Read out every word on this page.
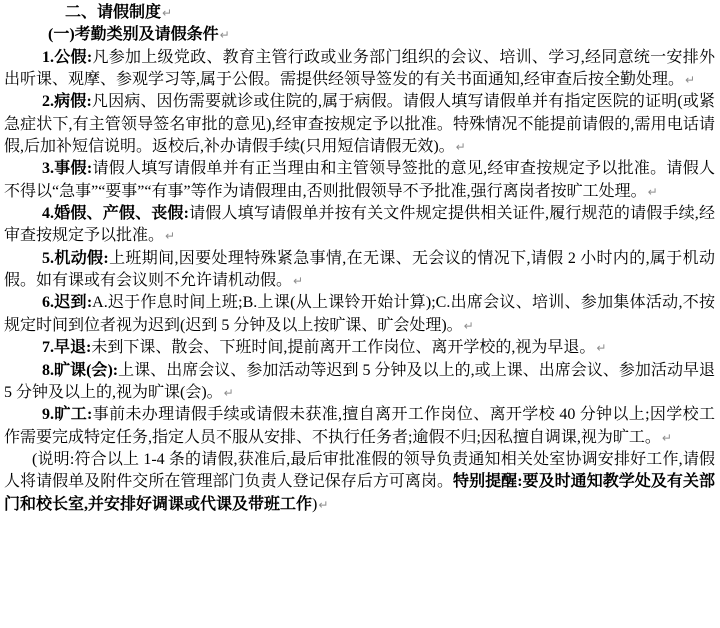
二、请假制度↵

(一)考勤类别及请假条件↵

1.公假:凡参加上级党政、教育主管行政或业务部门组织的会议、培训、学习,经同意统一安排外出听课、观摩、参观学习等,属于公假。需提供经领导签发的有关书面通知,经审查后按全勤处理。↵

2.病假:凡因病、因伤需要就诊或住院的,属于病假。请假人填写请假单并有指定医院的证明(或紧急症状下,有主管领导签名审批的意见),经审查按规定予以批准。特殊情况不能提前请假的,需用电话请假,后加补短信说明。返校后,补办请假手续(只用短信请假无效)。↵

3.事假:请假人填写请假单并有正当理由和主管领导签批的意见,经审查按规定予以批准。请假人不得以“急事”“要事”“有事”等作为请假理由,否则批假领导不予批准,强行离岗者按旷工处理。↵

4.婚假、产假、丧假:请假人填写请假单并按有关文件规定提供相关证件,履行规范的请假手续,经审查按规定予以批准。↵

5.机动假:上班期间,因要处理特殊紧急事情,在无课、无会议的情况下,请假 2 小时内的,属于机动假。如有课或有会议则不允许请机动假。↵

6.迟到:A.迟于作息时间上班;B.上课(从上课铃开始计算);C.出席会议、培训、参加集体活动,不按规定时间到位者视为迟到(迟到 5 分钟及以上按旷课、旷会处理)。↵

7.早退:未到下课、散会、下班时间,提前离开工作岗位、离开学校的,视为早退。↵

8.旷课(会):上课、出席会议、参加活动等迟到 5 分钟及以上的,或上课、出席会议、参加活动早退 5 分钟及以上的,视为旷课(会)。↵

9.旷工:事前未办理请假手续或请假未获准,擅自离开工作岗位、离开学校 40 分钟以上;因学校工作需要完成特定任务,指定人员不服从安排、不执行任务者;逾假不归;因私擅自调课,视为旷工。↵

(说明:符合以上 1-4 条的请假,获准后,最后审批准假的领导负责通知相关处室协调安排好工作,请假人将请假单及附件交所在管理部门负责人登记保存后方可离岗。特别提醒:要及时通知教学处及有关部门和校长室,并安排好调课或代课及带班工作)↵
